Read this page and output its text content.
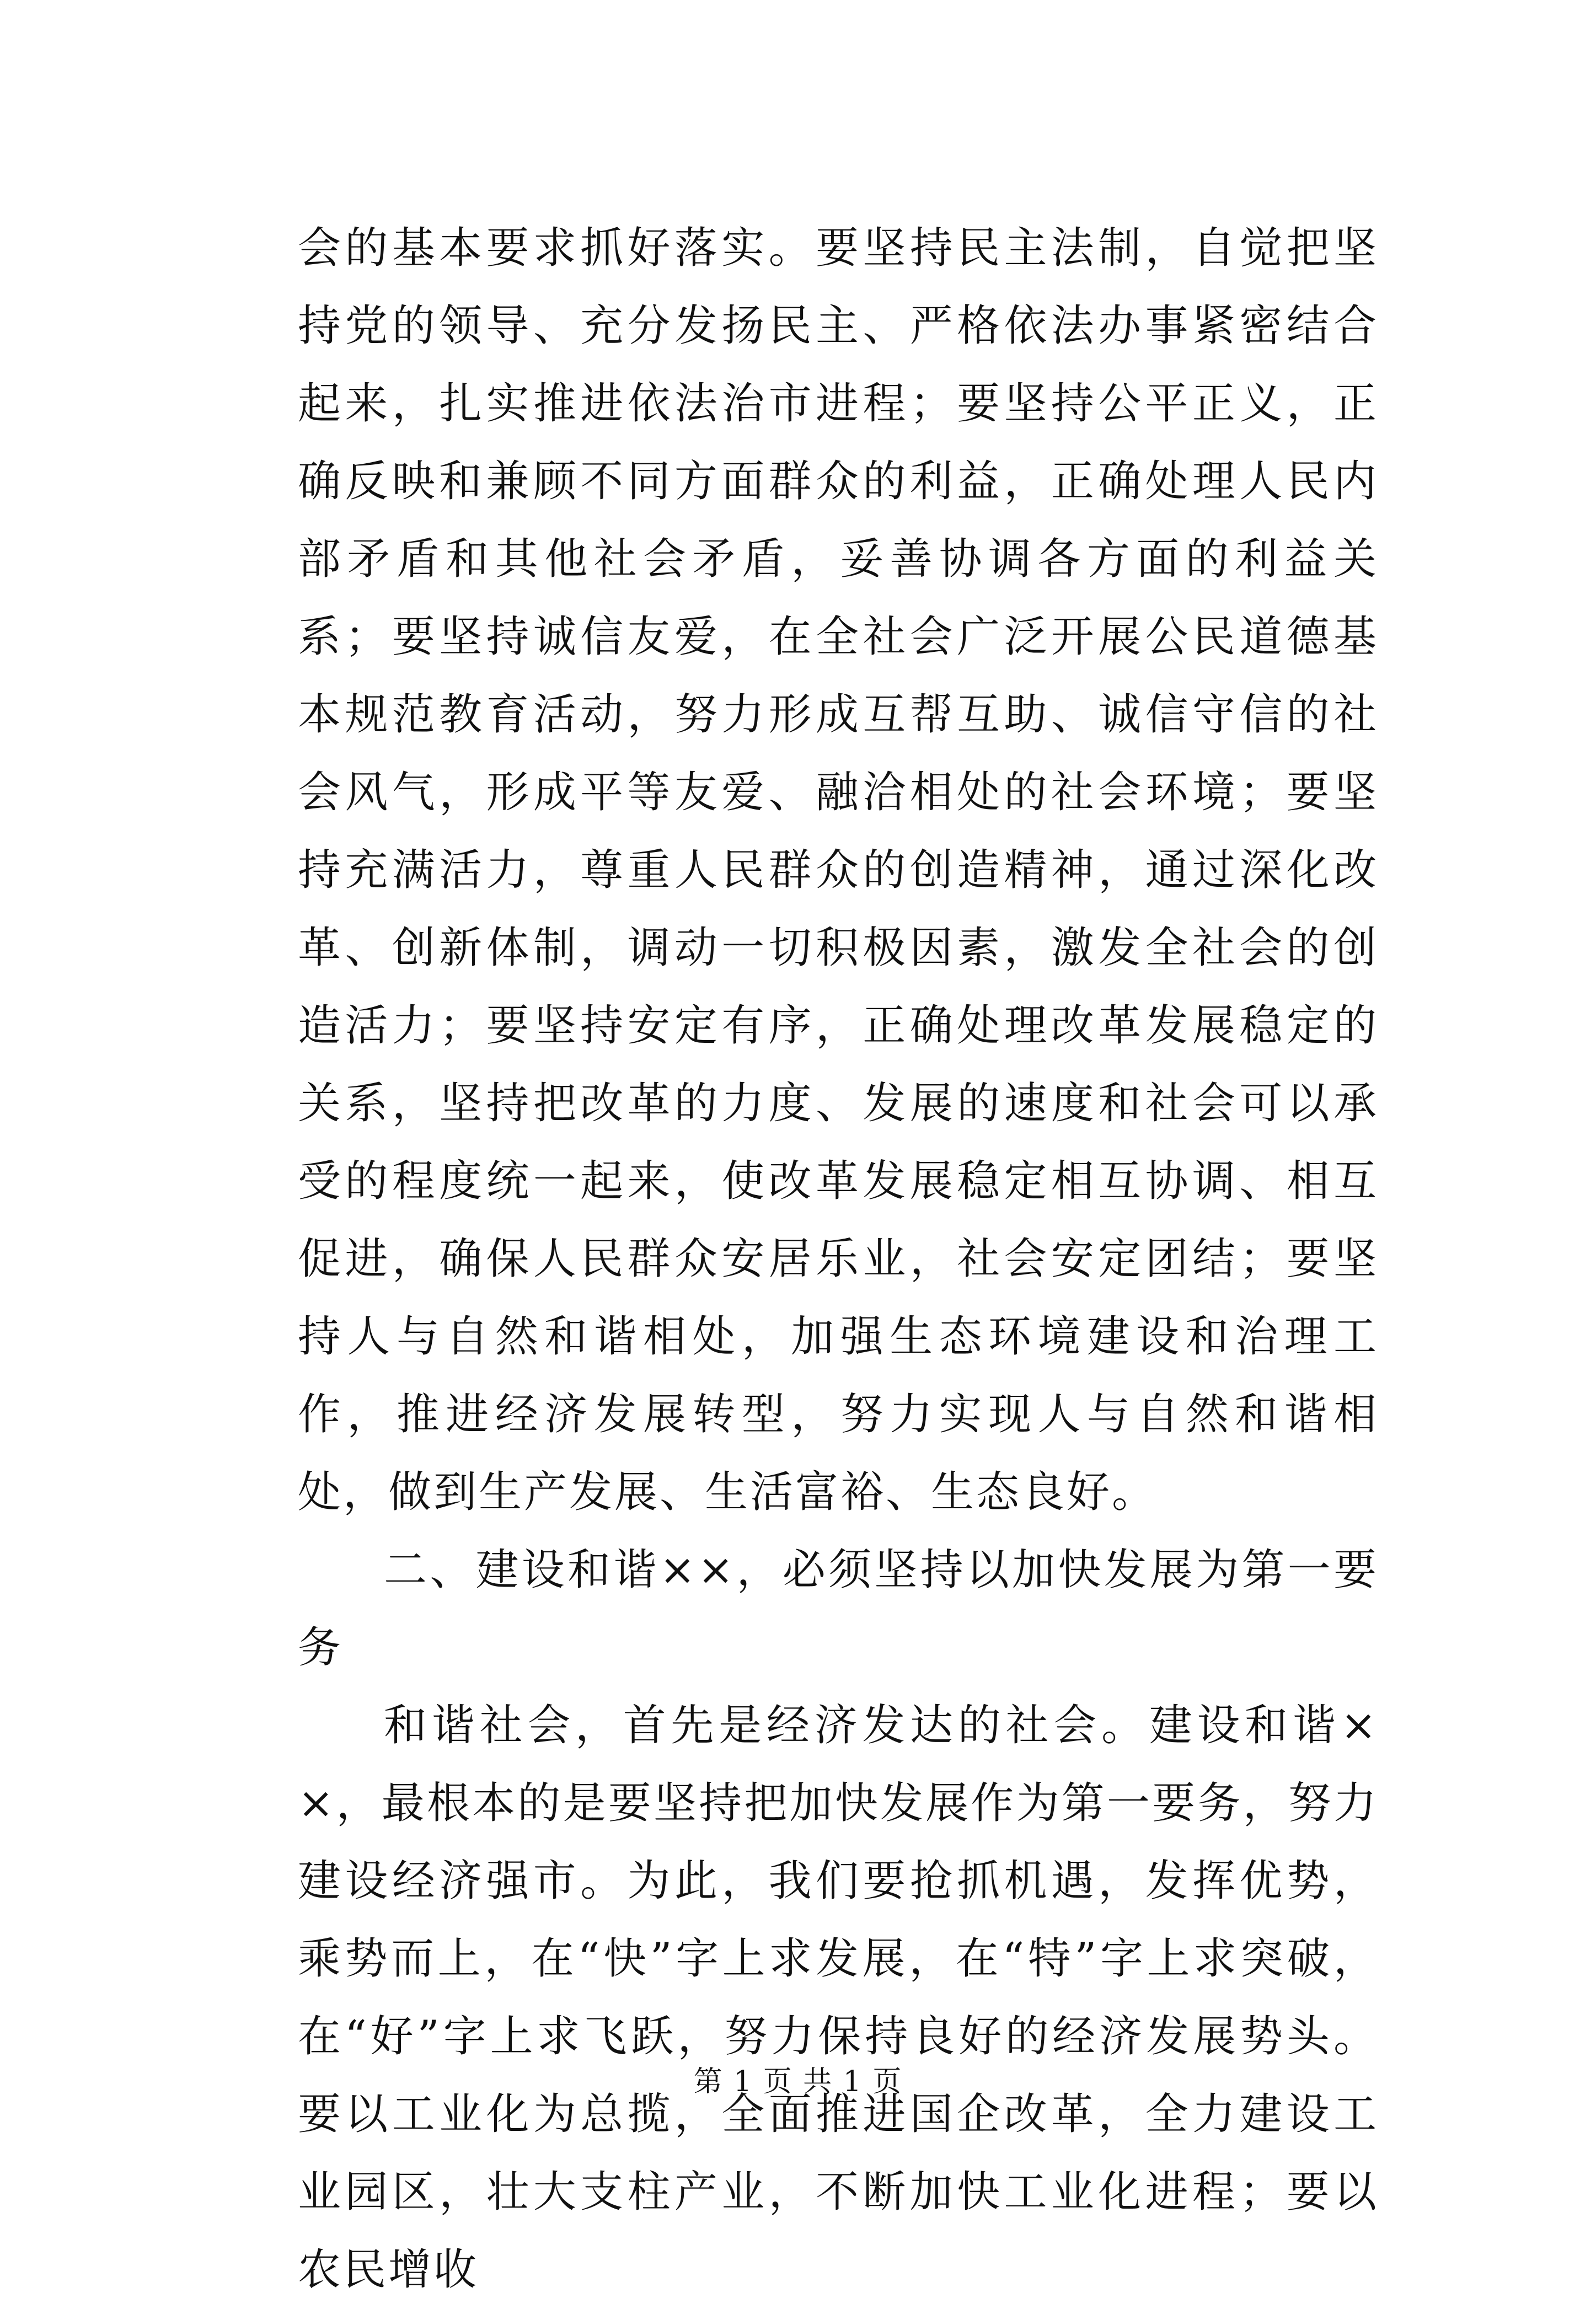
会的基本要求抓好落实。要坚持民主法制，自觉把坚持党的领导、充分发扬民主、严格依法办事紧密结合起来，扎实推进依法治市进程；要坚持公平正义，正确反映和兼顾不同方面群众的利益，正确处理人民内部矛盾和其他社会矛盾，妥善协调各方面的利益关系；要坚持诚信友爱，在全社会广泛开展公民道德基本规范教育活动，努力形成互帮互助、诚信守信的社会风气，形成平等友爱、融洽相处的社会环境；要坚持充满活力，尊重人民群众的创造精神，通过深化改革、创新体制，调动一切积极因素，激发全社会的创造活力；要坚持安定有序，正确处理改革发展稳定的关系，坚持把改革的力度、发展的速度和社会可以承受的程度统一起来，使改革发展稳定相互协调、相互促进，确保人民群众安居乐业，社会安定团结；要坚持人与自然和谐相处，加强生态环境建设和治理工作，推进经济发展转型，努力实现人与自然和谐相处，做到生产发展、生活富裕、生态良好。

二、建设和谐××，必须坚持以加快发展为第一要务

和谐社会，首先是经济发达的社会。建设和谐××，最根本的是要坚持把加快发展作为第一要务，努力建设经济强市。为此，我们要抢抓机遇，发挥优势，乘势而上，在“快”字上求发展，在“特”字上求突破，在“好”字上求飞跃，努力保持良好的经济发展势头。要以工业化为总揽，全面推进国企改革，全力建设工业园区，壮大支柱产业，不断加快工业化进程；要以农民增收

第 1 页 共 1 页
